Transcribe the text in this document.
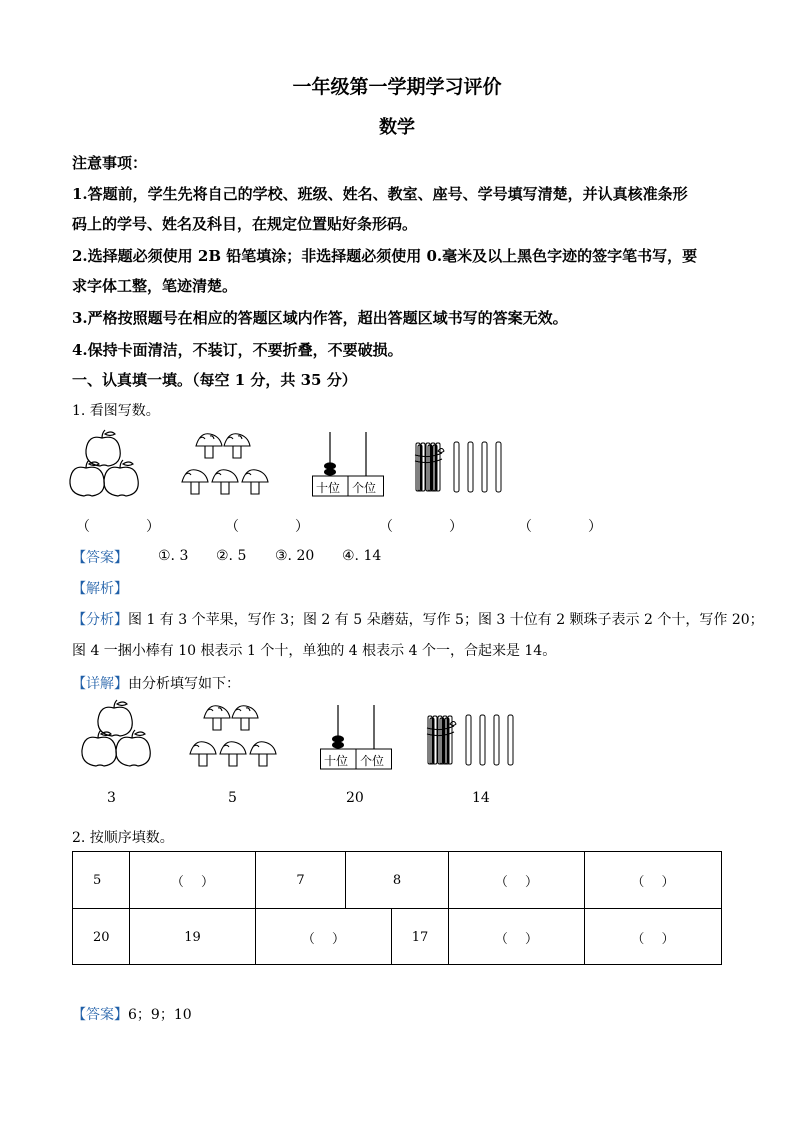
一年级第一学期学习评价
数学
注意事项：
1.答题前，学生先将自己的学校、班级、姓名、教室、座号、学号填写清楚，并认真核准条形
码上的学号、姓名及科目，在规定位置贴好条形码。
2.选择题必须使用 2B 铅笔填涂；非选择题必须使用 0.毫米及以上黑色字迹的签字笔书写，要
求字体工整，笔迹清楚。
3.严格按照题号在相应的答题区域内作答，超出答题区域书写的答案无效。
4.保持卡面清洁，不装订，不要折叠，不要破损。
一、认真填一填。（每空 1 分，共 35 分）
1. 看图写数。
十位 个位
（　　　　）	（　　　　）	（　　　　）	（　　　　）
【答案】 ①. 3 ②. 5 ③. 20 ④. 14
【解析】
【分析】图 1 有 3 个苹果，写作 3；图 2 有 5 朵蘑菇，写作 5；图 3 十位有 2 颗珠子表示 2 个十，写作 20；
图 4 一捆小棒有 10 根表示 1 个十，单独的 4 根表示 4 个一，合起来是 14。
【详解】由分析填写如下：
十位 个位
3	5	20	14
2. 按顺序填数。
5	（　 ）	7	8	（　 ）	（　 ）
20	19	（　 ）	17	（　 ）	（　 ）
【答案】6；9；10
